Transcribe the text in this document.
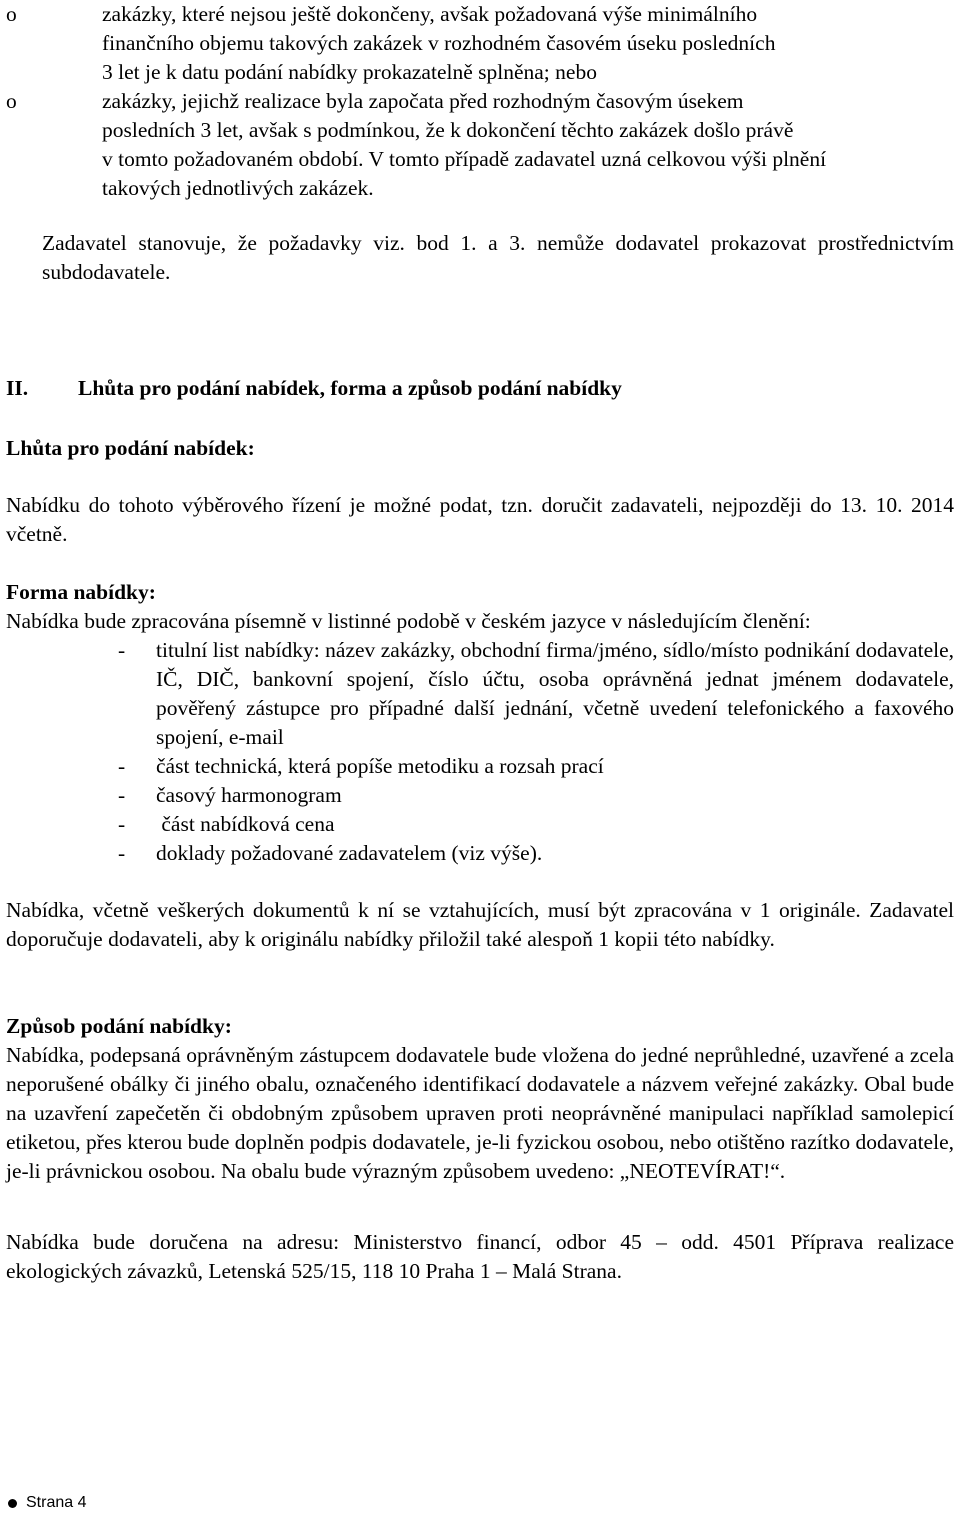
o	zakázky, které nejsou ještě dokončeny, avšak požadovaná výše minimálního
finančního objemu takových zakázek v rozhodném časovém úseku posledních
3 let je k datu podání nabídky prokazatelně splněna; nebo
o	zakázky, jejichž realizace byla započata před rozhodným časovým úsekem
posledních 3 let, avšak s podmínkou, že k dokončení těchto zakázek došlo právě
v tomto požadovaném období. V tomto případě zadavatel uzná celkovou výši plnění
takových jednotlivých zakázek.

Zadavatel stanovuje, že požadavky viz. bod 1. a 3. nemůže dodavatel prokazovat prostřednictvím subdodavatele.

II. Lhůta pro podání nabídek, forma a způsob podání nabídky

Lhůta pro podání nabídek:

Nabídku do tohoto výběrového řízení je možné podat, tzn. doručit zadavateli, nejpozději do 13. 10. 2014 včetně.

Forma nabídky:

Nabídka bude zpracována písemně v listinné podobě v českém jazyce v následujícím členění:

- titulní list nabídky: název zakázky, obchodní firma/jméno, sídlo/místo podnikání dodavatele, IČ, DIČ, bankovní spojení, číslo účtu, osoba oprávněná jednat jménem dodavatele, pověřený zástupce pro případné další jednání, včetně uvedení telefonického a faxového spojení, e-mail
- část technická, která popíše metodiku a rozsah prací
- časový harmonogram
- část nabídková cena
- doklady požadované zadavatelem (viz výše).

Nabídka, včetně veškerých dokumentů k ní se vztahujících, musí být zpracována v 1 originále. Zadavatel doporučuje dodavateli, aby k originálu nabídky přiložil také alespoň 1 kopii této nabídky.

Způsob podání nabídky:

Nabídka, podepsaná oprávněným zástupcem dodavatele bude vložena do jedné neprůhledné, uzavřené a zcela neporušené obálky či jiného obalu, označeného identifikací dodavatele a názvem veřejné zakázky. Obal bude na uzavření zapečetěn či obdobným způsobem upraven proti neoprávněné manipulaci například samolepicí etiketou, přes kterou bude doplněn podpis dodavatele, je-li fyzickou osobou, nebo otištěno razítko dodavatele, je-li právnickou osobou. Na obalu bude výrazným způsobem uvedeno: „NEOTEVÍRAT!“.

Nabídka bude doručena na adresu: Ministerstvo financí, odbor 45 – odd. 4501 Příprava realizace ekologických závazků, Letenská 525/15, 118 10 Praha 1 – Malá Strana.

Strana 4
